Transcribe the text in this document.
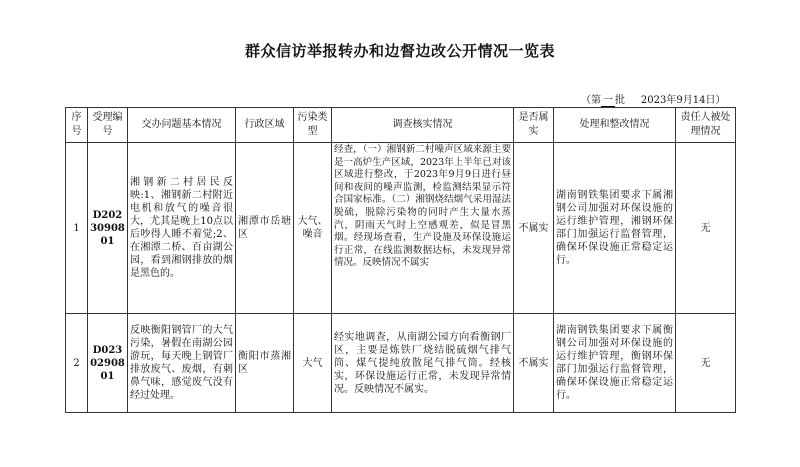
群众信访举报转办和边督边改公开情况一览表
（第 一 批 2023年9月14日）
序号	受理编号	交办问题基本情况	行政区域	污染类型	调查核实情况	是否属实	处理和整改情况	责任人被处理情况
1	D2023090801	湘钢新二村居民反映:1、湘钢新二村附近电机和放气的噪音很大，尤其是晚上10点以后吵得人睡不着觉;2、在湘潭二桥、百亩湖公园，看到湘钢排放的烟是黑色的。	湘潭市岳塘区	大气、噪音	经查，（一）湘钢新二村噪声区域来源主要是一高炉生产区域，2023年上半年已对该区域进行整改，于2023年9月9日进行昼间和夜间的噪声监测，检监测结果显示符合国家标准。（二）湘钢烧结烟气采用湿法脱硫，脱除污染物的同时产生大量水蒸汽，阴雨天气时上空感观差，似是冒黑烟。经现场查看，生产设施及环保设施运行正常，在线监测数据达标，未发现异常情况。反映情况不属实	不属实	湖南钢铁集团要求下属湘钢公司加强对环保设施的运行维护管理，湘钢环保部门加强运行监督管理，确保环保设施正常稳定运行。	无
2	D0230290801	反映衡阳钢管厂的大气污染，暑假在南湖公园游玩，每天晚上钢管厂排放废气、废烟，有刺鼻气味，感觉废气没有经过处理。	衡阳市蒸湘区	大气	经实地调查，从南湖公园方向看衡钢厂区，主要是炼铁厂烧结脱硫烟气排气筒、煤气提纯放散尾气排气筒。经核实，环保设施运行正常，未发现异常情况。反映情况不属实。	不属实	湖南钢铁集团要求下属衡钢公司加强对环保设施的运行维护管理，衡钢环保部门加强运行监督管理，确保环保设施正常稳定运行。	无
